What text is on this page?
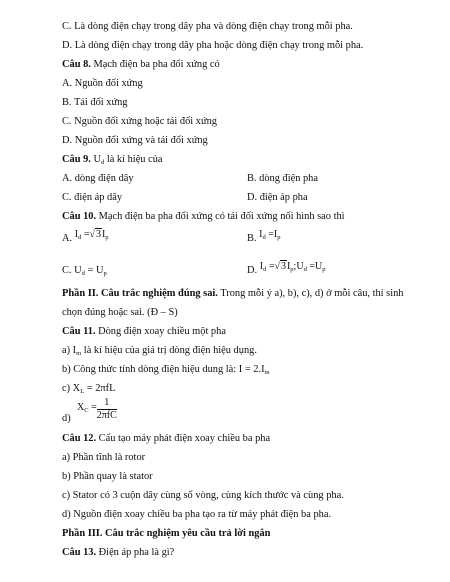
C. Là dòng điện chạy trong dây pha và dòng điện chạy trong mỗi pha.
D. Là dòng điện chạy trong dây pha hoặc dòng điện chạy trong mỗi pha.
Câu 8. Mạch điện ba pha đối xứng có
A. Nguồn đối xứng
B. Tải đối xứng
C. Nguồn đối xứng hoặc tải đối xứng
D. Nguồn đối xứng và tải đối xứng
Câu 9. $U_d$ là kí hiệu của
A. dòng điện dây	B. dòng điện pha
C. điện áp dây	D. điện áp pha
Câu 10. Mạch điện ba pha đối xứng có tải đối xứng nối hình sao thì
A. $I_d =√3I_p$	B. $I_d =I_p$
C. $U_d = U_p$	D. $I_d$ $=√3I_p;U_d =U_p$
Phần II. Câu trắc nghiệm đúng sai. Trong mỗi ý a), b), c), d) ở mỗi câu, thí sinh
chọn đúng hoặc sai. (Đ – S)
Câu 11. Dòng điện xoay chiều một pha
a) $I_m$ là kí hiệu của giá trị dòng điện hiệu dụng.
b) Công thức tính dòng điện hiệu dung là: $I = 2.I_m$
c) $X_L = 2\pi fL$
d)
$X_C = \frac{1}{\text{2πfC}}$
Câu 12. Cấu tạo máy phát điện xoay chiều ba pha
a) Phần tĩnh là rotor
b) Phần quay là stator
c) Stator có 3 cuộn dây cùng số vòng, cùng kích thước và cùng pha.
d) Nguồn điện xoay chiều ba pha tạo ra từ máy phát điện ba pha.
Phần III. Câu trắc nghiệm yêu cầu trả lời ngắn
Câu 13. Điện áp pha là gì?
